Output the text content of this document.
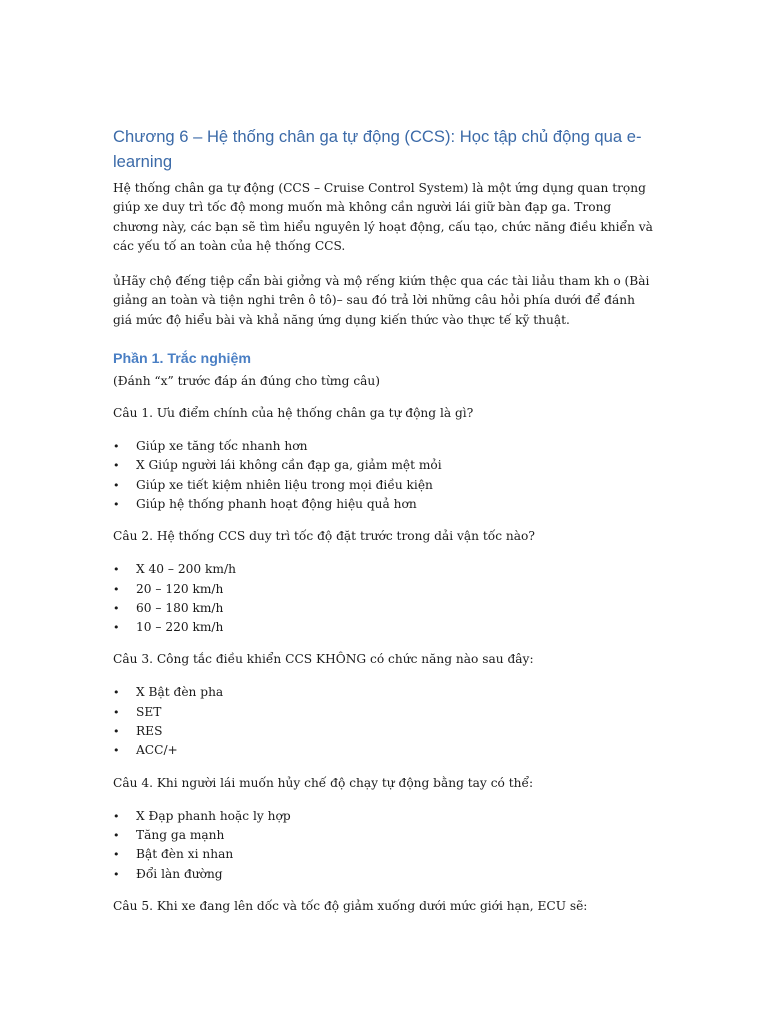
Chương 6 – Hệ thống chân ga tự động (CCS): Học tập chủ động qua e-learning

Hệ thống chân ga tự động (CCS – Cruise Control System) là một ứng dụng quan trọng giúp xe duy trì tốc độ mong muốn mà không cần người lái giữ bàn đạp ga. Trong chương này, các bạn sẽ tìm hiểu nguyên lý hoạt động, cấu tạo, chức năng điều khiển và các yếu tố an toàn của hệ thống CCS.

ủHãy chộ đếng tiệp cẩn bài giởng và mộ rếng kiứn thệc qua các tài liảu tham kh o (Bài giảng an toàn và tiện nghi trên ô tô)– sau đó trả lời những câu hỏi phía dưới để đánh giá mức độ hiểu bài và khả năng ứng dụng kiến thức vào thực tế kỹ thuật.

Phần 1. Trắc nghiệm

(Đánh “x” trước đáp án đúng cho từng câu)

Câu 1. Ưu điểm chính của hệ thống chân ga tự động là gì?

• Giúp xe tăng tốc nhanh hơn
• X Giúp người lái không cần đạp ga, giảm mệt mỏi
• Giúp xe tiết kiệm nhiên liệu trong mọi điều kiện
• Giúp hệ thống phanh hoạt động hiệu quả hơn

Câu 2. Hệ thống CCS duy trì tốc độ đặt trước trong dải vận tốc nào?

• X 40 – 200 km/h
• 20 – 120 km/h
• 60 – 180 km/h
• 10 – 220 km/h

Câu 3. Công tắc điều khiển CCS KHÔNG có chức năng nào sau đây:

• X Bật đèn pha
• SET
• RES
• ACC/+

Câu 4. Khi người lái muốn hủy chế độ chạy tự động bằng tay có thể:

• X Đạp phanh hoặc ly hợp
• Tăng ga mạnh
• Bật đèn xi nhan
• Đổi làn đường

Câu 5. Khi xe đang lên dốc và tốc độ giảm xuống dưới mức giới hạn, ECU sẽ:
